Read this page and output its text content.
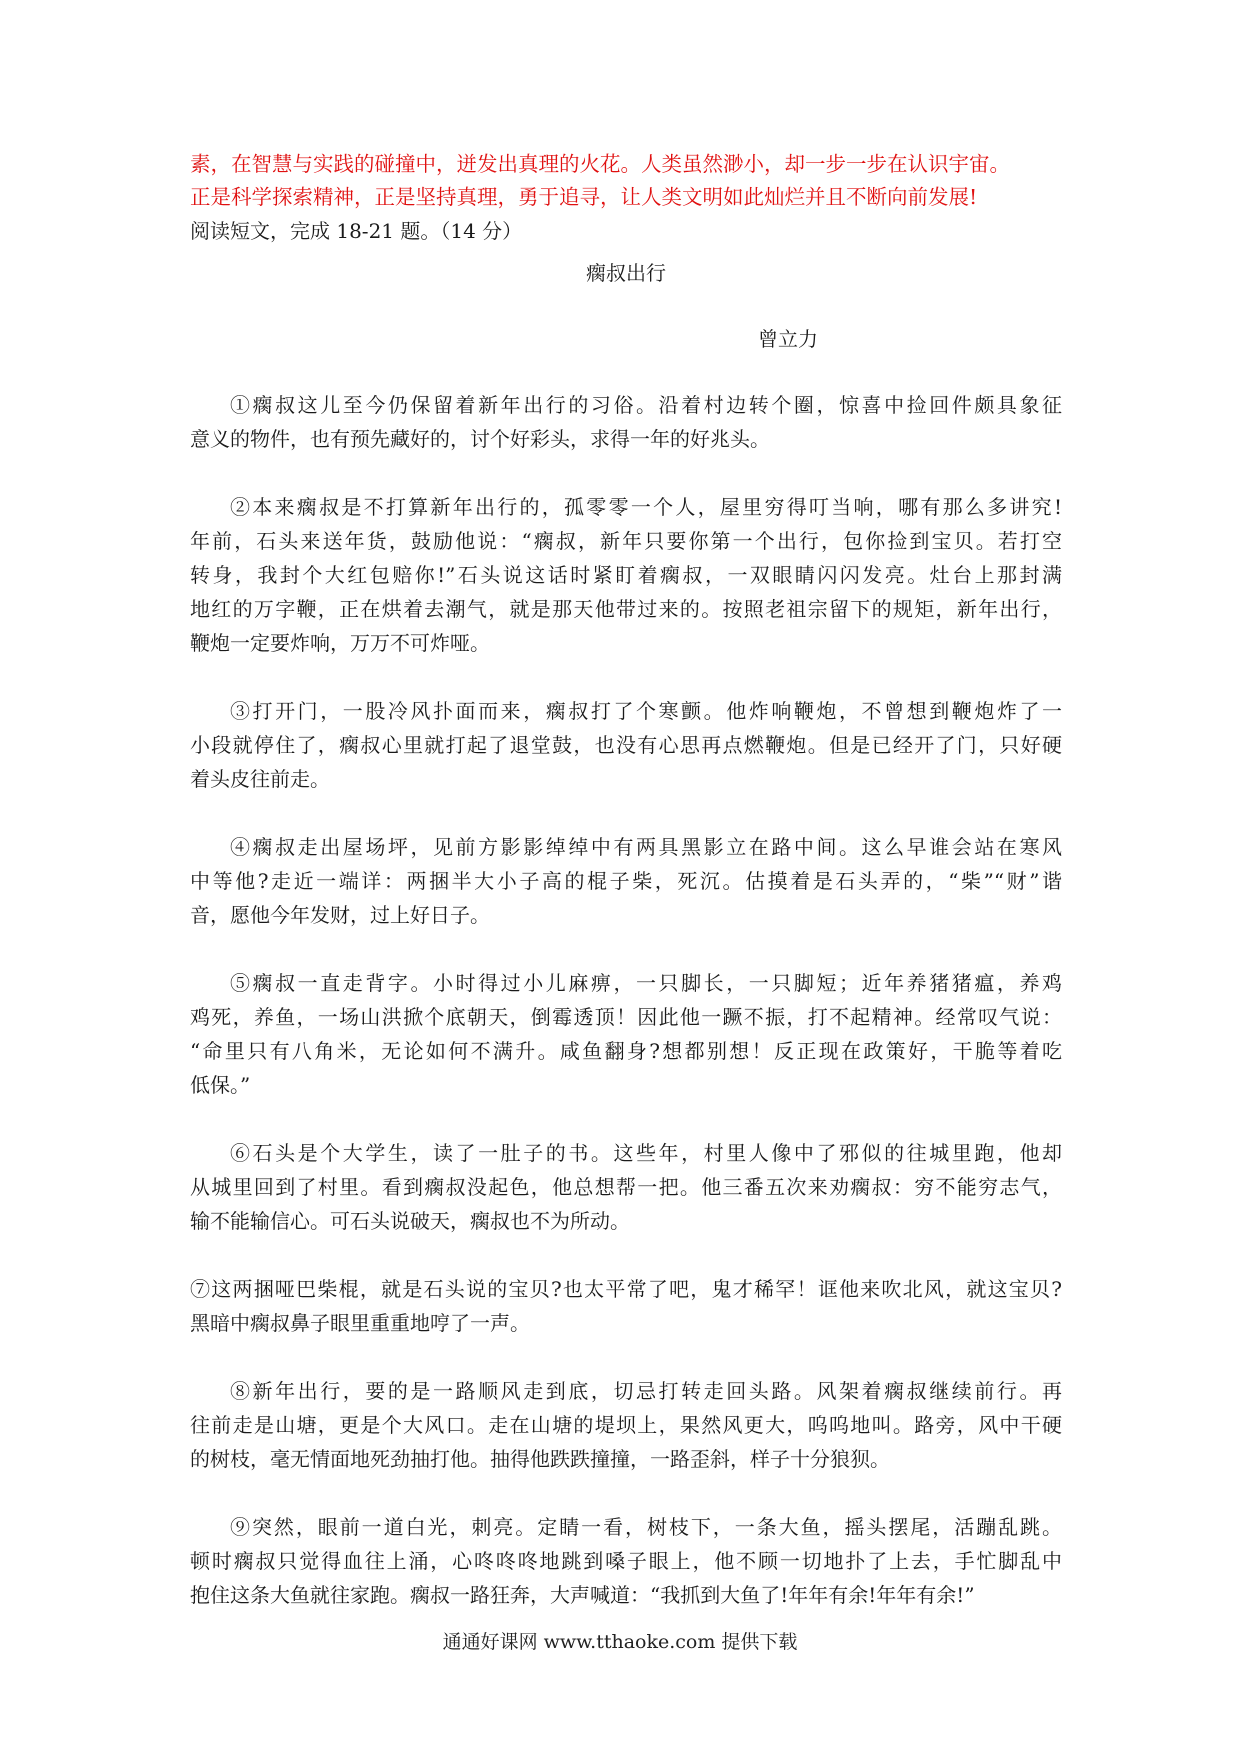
素，在智慧与实践的碰撞中，迸发出真理的火花。人类虽然渺小，却一步一步在认识宇宙。

正是科学探索精神，正是坚持真理，勇于追寻，让人类文明如此灿烂并且不断向前发展!

阅读短文，完成 18-21 题。（14 分）

瘸叔出行

曾立力

①瘸叔这儿至今仍保留着新年出行的习俗。沿着村边转个圈，惊喜中捡回件颇具象征
意义的物件，也有预先藏好的，讨个好彩头，求得一年的好兆头。
②本来瘸叔是不打算新年出行的，孤零零一个人，屋里穷得叮当响，哪有那么多讲究!
年前，石头来送年货，鼓励他说：“瘸叔，新年只要你第一个出行，包你捡到宝贝。若打空
转身，我封个大红包赔你!”石头说这话时紧盯着瘸叔，一双眼睛闪闪发亮。灶台上那封满
地红的万字鞭，正在烘着去潮气，就是那天他带过来的。按照老祖宗留下的规矩，新年出行，
鞭炮一定要炸响，万万不可炸哑。
③打开门，一股冷风扑面而来，瘸叔打了个寒颤。他炸响鞭炮，不曾想到鞭炮炸了一
小段就停住了，瘸叔心里就打起了退堂鼓，也没有心思再点燃鞭炮。但是已经开了门，只好硬
着头皮往前走。
④瘸叔走出屋场坪，见前方影影绰绰中有两具黑影立在路中间。这么早谁会站在寒风
中等他?走近一端详：两捆半大小子高的棍子柴，死沉。估摸着是石头弄的，“柴”“财”谐
音，愿他今年发财，过上好日子。
⑤瘸叔一直走背字。小时得过小儿麻痹，一只脚长，一只脚短；近年养猪猪瘟，养鸡
鸡死，养鱼，一场山洪掀个底朝天，倒霉透顶！因此他一蹶不振，打不起精神。经常叹气说：
“命里只有八角米，无论如何不满升。咸鱼翻身?想都别想！反正现在政策好，干脆等着吃
低保。”
⑥石头是个大学生，读了一肚子的书。这些年，村里人像中了邪似的往城里跑，他却
从城里回到了村里。看到瘸叔没起色，他总想帮一把。他三番五次来劝瘸叔：穷不能穷志气，
输不能输信心。可石头说破天，瘸叔也不为所动。
⑦这两捆哑巴柴棍，就是石头说的宝贝?也太平常了吧，鬼才稀罕！诓他来吹北风，就这宝贝?
黑暗中瘸叔鼻子眼里重重地哼了一声。
⑧新年出行，要的是一路顺风走到底，切忌打转走回头路。风架着瘸叔继续前行。再
往前走是山塘，更是个大风口。走在山塘的堤坝上，果然风更大，呜呜地叫。路旁，风中干硬
的树枝，毫无情面地死劲抽打他。抽得他跌跌撞撞，一路歪斜，样子十分狼狈。
⑨突然，眼前一道白光，刺亮。定睛一看，树枝下，一条大鱼，摇头摆尾，活蹦乱跳。
顿时瘸叔只觉得血往上涌，心咚咚咚地跳到嗓子眼上，他不顾一切地扑了上去，手忙脚乱中
抱住这条大鱼就往家跑。瘸叔一路狂奔，大声喊道：“我抓到大鱼了!年年有余!年年有余!”
通通好课网 www.tthaoke.com 提供下载
